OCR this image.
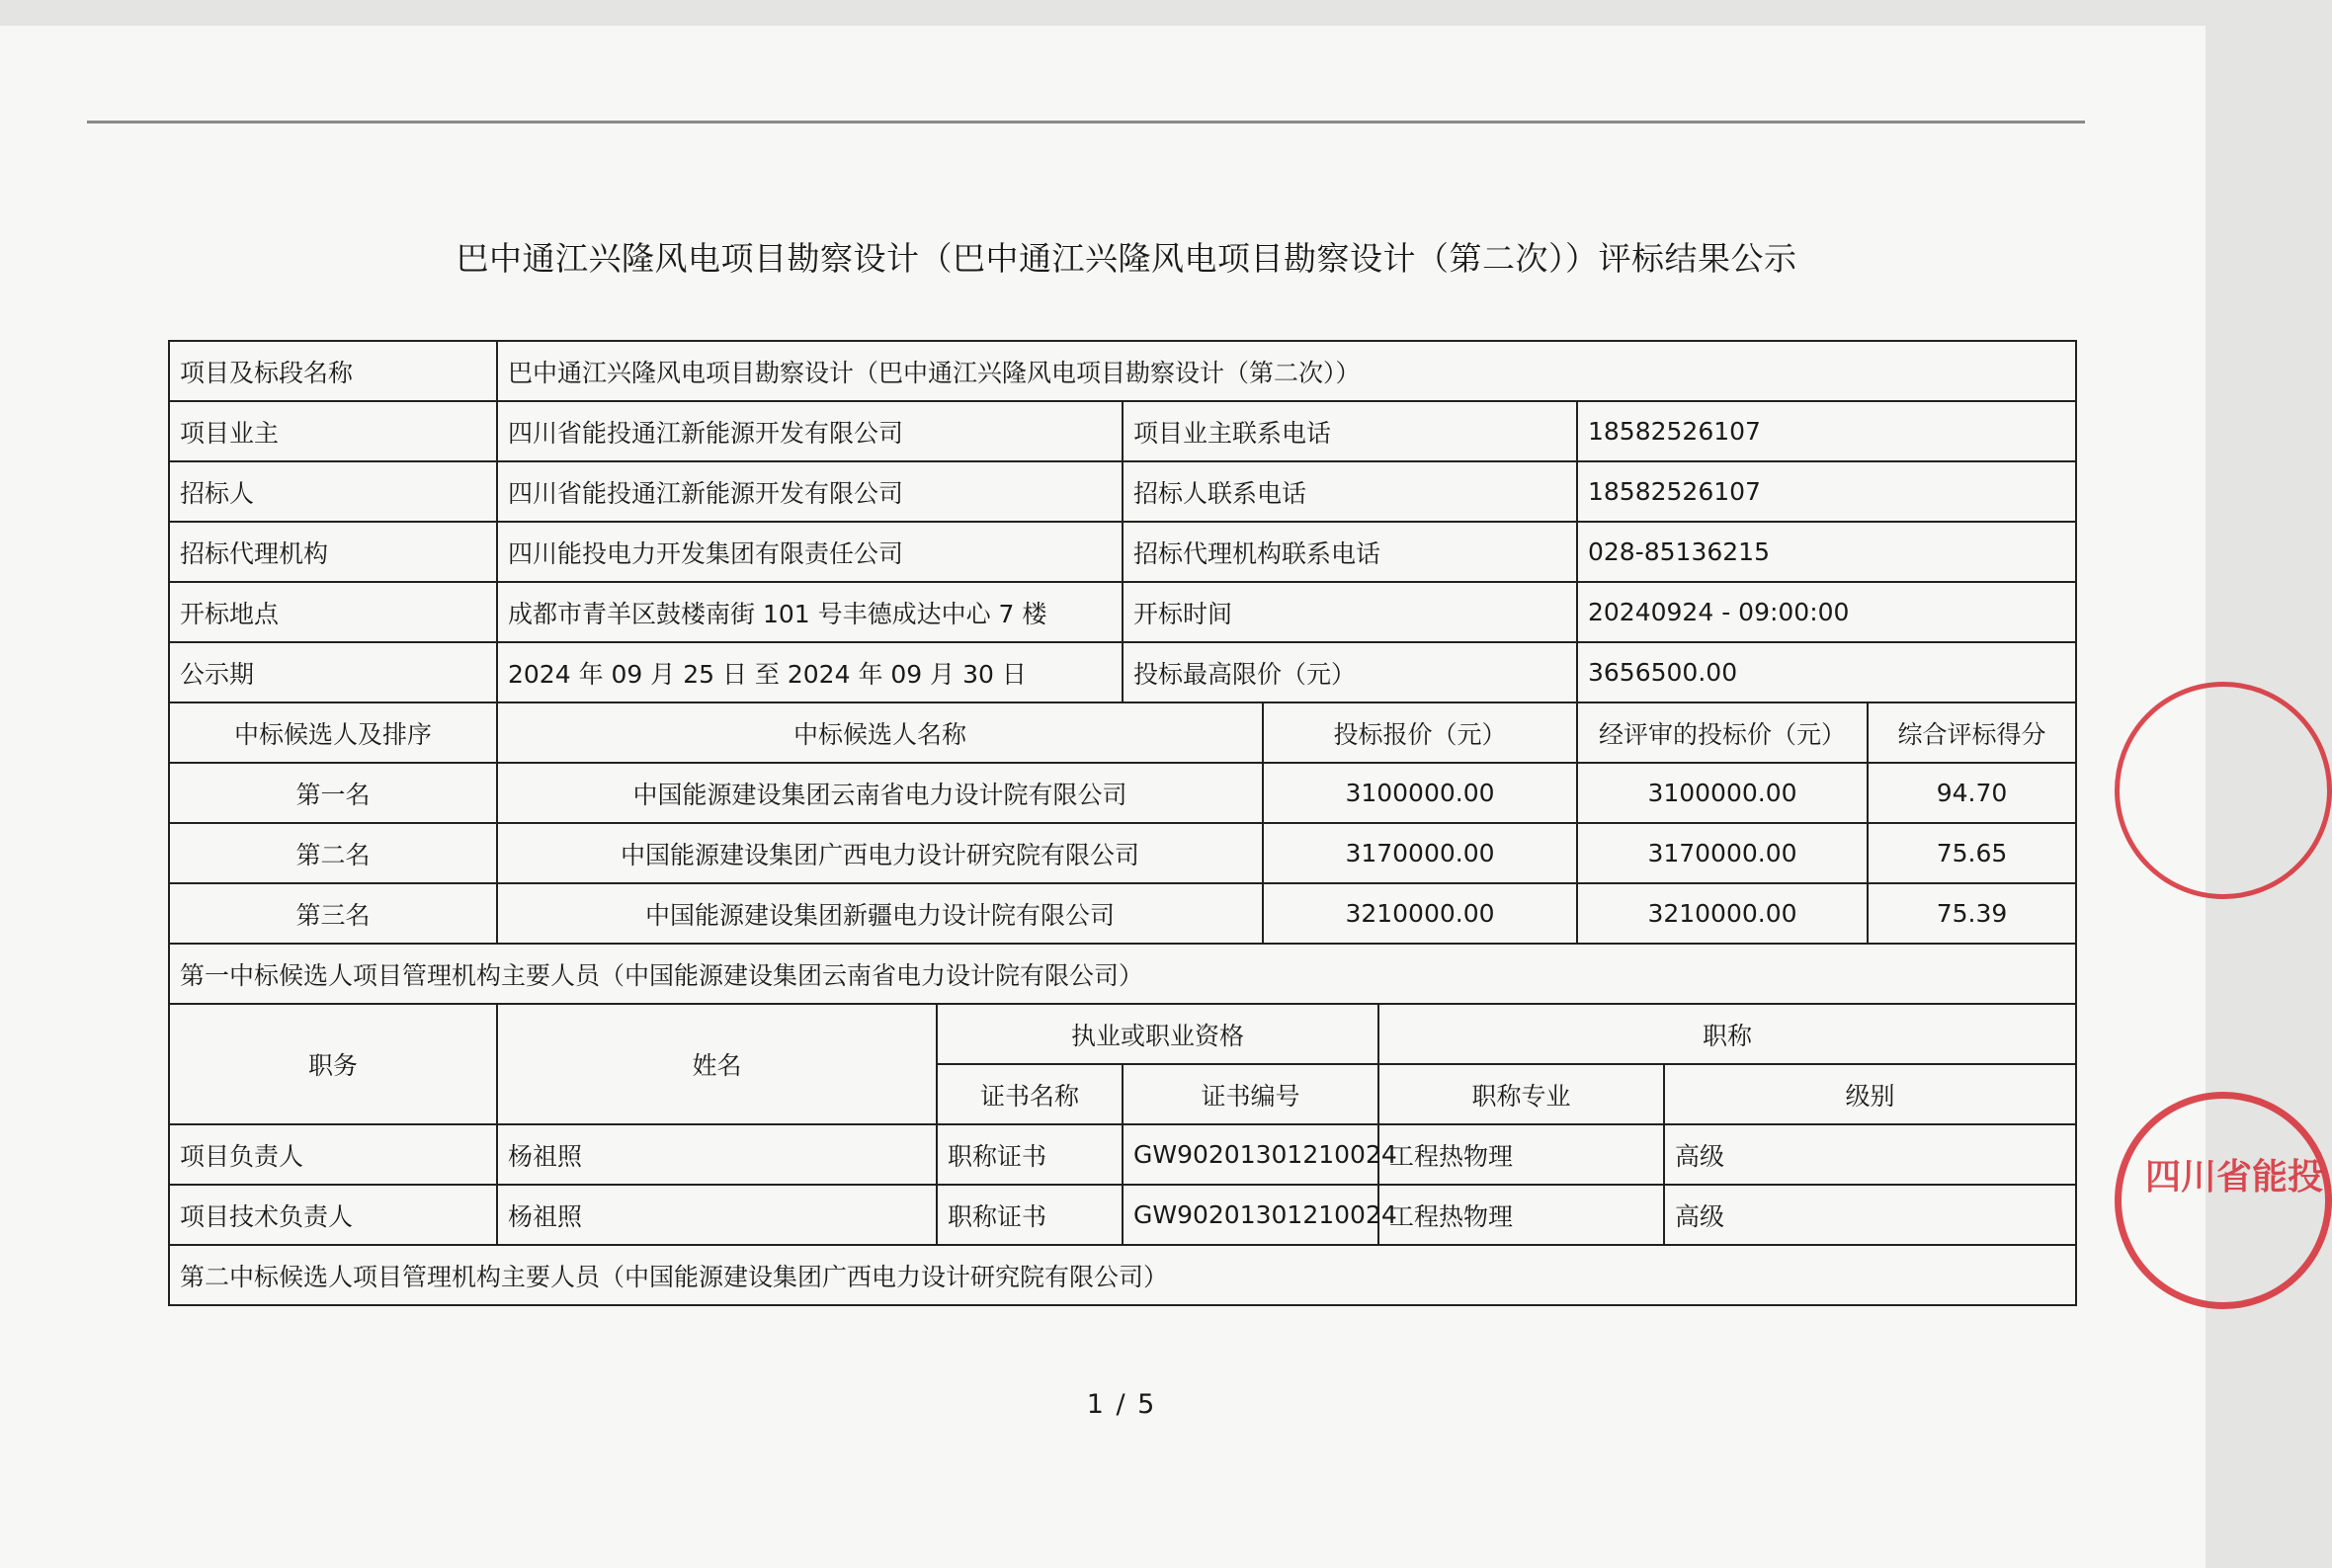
巴中通江兴隆风电项目勘察设计（巴中通江兴隆风电项目勘察设计（第二次））评标结果公示
项目及标段名称	巴中通江兴隆风电项目勘察设计（巴中通江兴隆风电项目勘察设计（第二次））							
项目业主	四川省能投通江新能源开发有限公司		项目业主联系电话			18582526107		
招标人	四川省能投通江新能源开发有限公司		招标人联系电话			18582526107		
招标代理机构	四川能投电力开发集团有限责任公司		招标代理机构联系电话			028-85136215		
开标地点	成都市青羊区鼓楼南街 101 号丰德成达中心 7 楼		开标时间			20240924 - 09:00:00		
公示期	2024 年 09 月 25 日 至 2024 年 09 月 30 日		投标最高限价（元）			3656500.00		
中标候选人及排序	中标候选人名称			投标报价（元）		经评审的投标价（元）		综合评标得分
第一名	中国能源建设集团云南省电力设计院有限公司			3100000.00		3100000.00		94.70
第二名	中国能源建设集团广西电力设计研究院有限公司			3170000.00		3170000.00		75.65
第三名	中国能源建设集团新疆电力设计院有限公司			3210000.00		3210000.00		75.39
第一中标候选人项目管理机构主要人员（中国能源建设集团云南省电力设计院有限公司）								
职务	姓名	执业或职业资格			职称			
		证书名称	证书编号		职称专业		级别	
项目负责人	杨祖照	职称证书	GW90201301210024		工程热物理		高级	
项目技术负责人	杨祖照	职称证书	GW90201301210024		工程热物理		高级	
第二中标候选人项目管理机构主要人员（中国能源建设集团广西电力设计研究院有限公司）								
1 / 5
四川省能投
